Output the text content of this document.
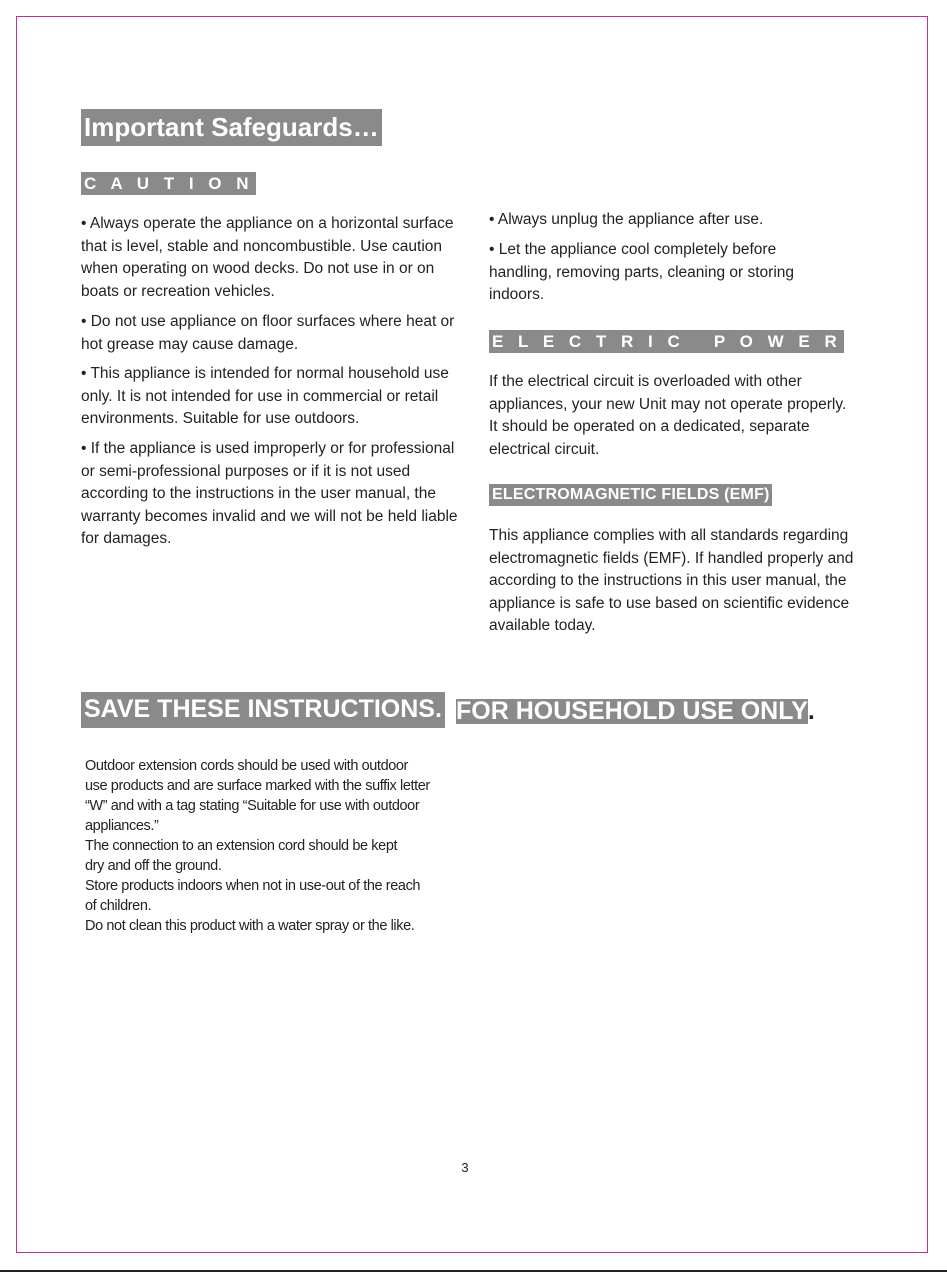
Important Safeguards…
C A U T I O N

• Always operate the appliance on a horizontal surface that is level, stable and noncombustible. Use caution when operating on wood decks. Do not use in or on boats or recreation vehicles.

• Do not use appliance on floor surfaces where heat or hot grease may cause damage.

• This appliance is intended for normal household use only. It is not intended for use in commercial or retail environments. Suitable for use outdoors.

• If the appliance is used improperly or for professional or semi-professional purposes or if it is not used according to the instructions in the user manual, the warranty becomes invalid and we will not be held liable for damages.

• Always unplug the appliance after use.

• Let the appliance cool completely before handling, removing parts, cleaning or storing indoors.

E L E C T R I C   P O W E R

If the electrical circuit is overloaded with other appliances, your new Unit may not operate properly. It should be operated on a dedicated, separate electrical circuit.

ELECTROMAGNETIC FIELDS (EMF)

This appliance complies with all standards regarding electromagnetic fields (EMF). If handled properly and according to the instructions in this user manual, the appliance is safe to use based on scientific evidence available today.

SAVE THESE INSTRUCTIONS. FOR HOUSEHOLD USE ONLY.
Outdoor extension cords should be used with outdoor
use products and are surface marked with the suffix letter
“W” and with a tag stating “Suitable for use with outdoor
appliances.”
The connection to an extension cord should be kept
dry and off the ground.
Store products indoors when not in use-out of the reach
of children.
Do not clean this product with a water spray or the like.
3
